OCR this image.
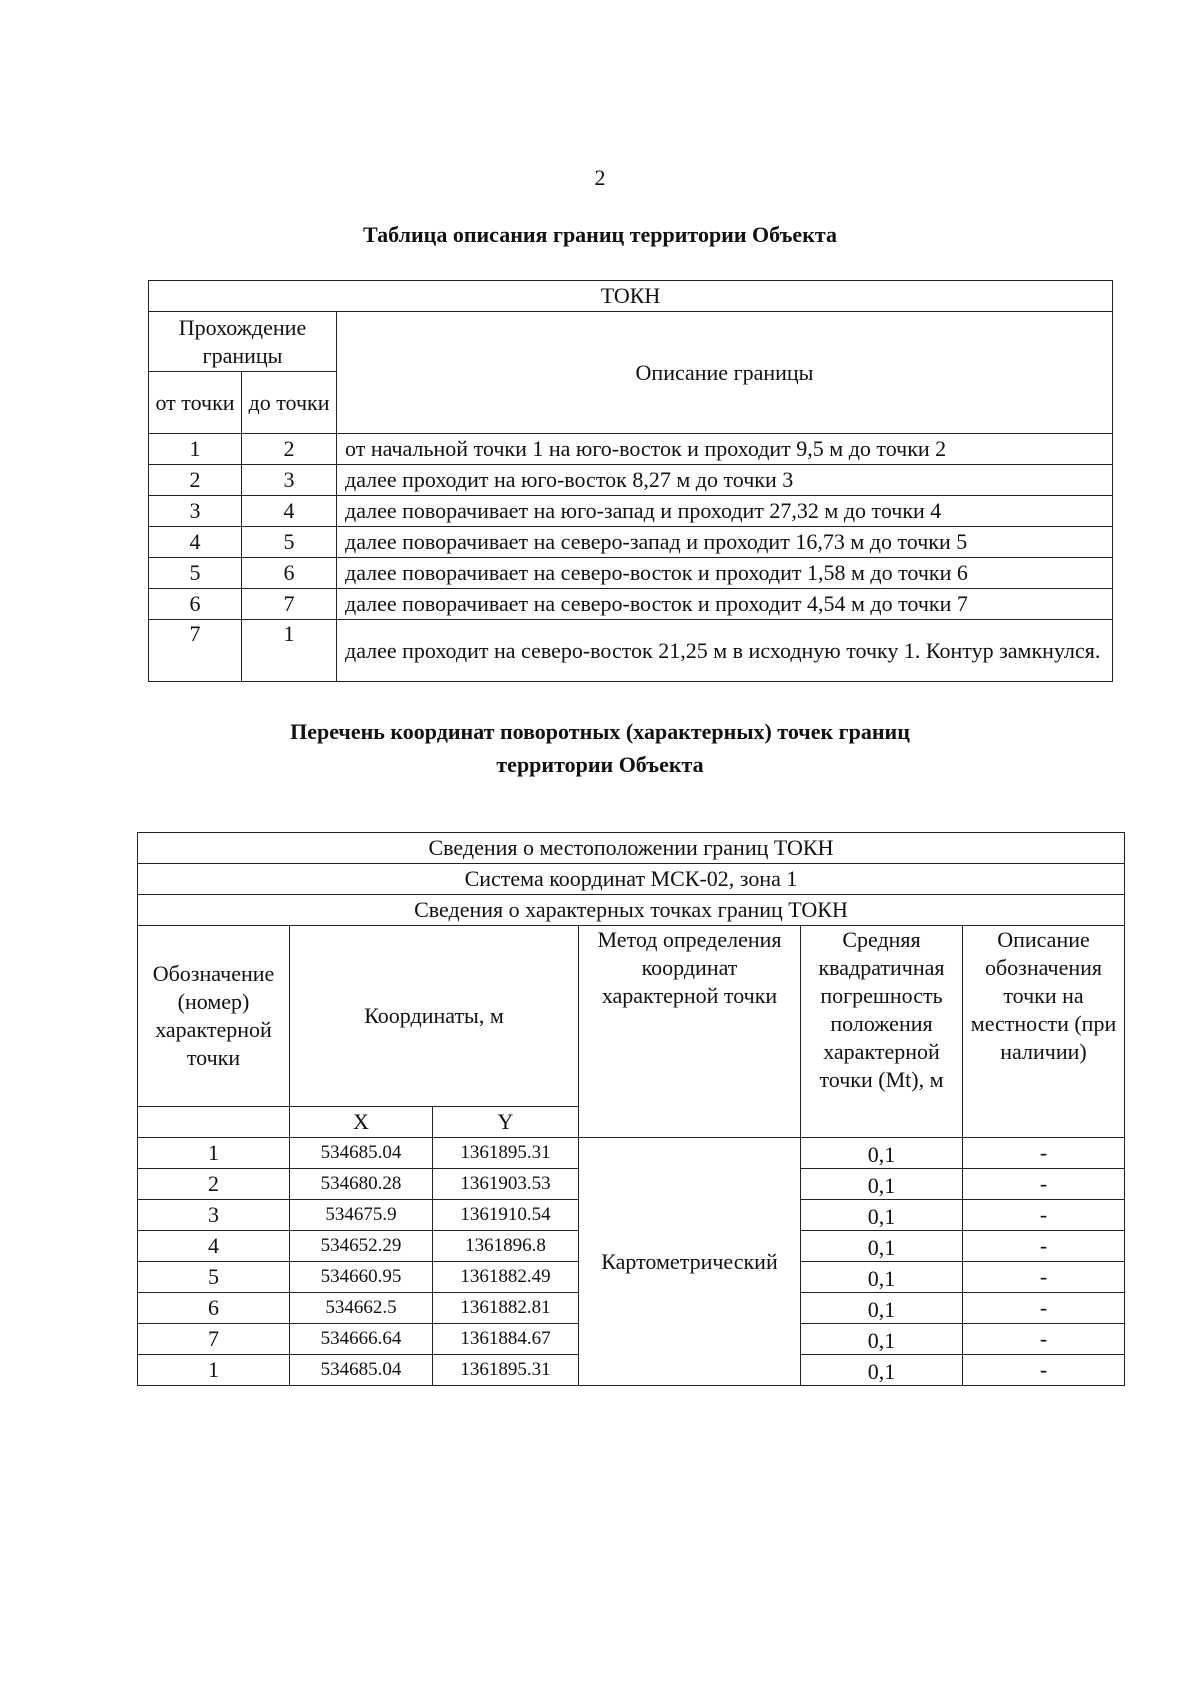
2
Таблица описания границ территории Объекта
ТОКН		
Прохождение границы		Описание границы
от точки	до точки	
1	2	от начальной точки 1 на юго-восток и проходит 9,5 м до точки 2
2	3	далее проходит на юго-восток 8,27 м до точки 3
3	4	далее поворачивает на юго-запад и проходит 27,32 м до точки 4
4	5	далее поворачивает на северо-запад и проходит 16,73 м до точки 5
5	6	далее поворачивает на северо-восток и проходит 1,58 м до точки 6
6	7	далее поворачивает на северо-восток и проходит 4,54 м до точки 7
7	1	далее проходит на северо-восток 21,25 м в исходную точку 1. Контур замкнулся.
Перечень координат поворотных (характерных) точек границ
территории Объекта
Сведения о местоположении границ ТОКН					
Система координат МСК-02, зона 1					
Сведения о характерных точках границ ТОКН					
Обозначение (номер) характерной точки	Координаты, м		Метод определения координат характерной точки	Средняя квадратичная погрешность положения характерной точки (Mt), м	Описание обозначения точки на местности (при наличии)
	X	Y			
1	534685.04	1361895.31	Картометрический	0,1	-
2	534680.28	1361903.53		0,1	-
3	534675.9	1361910.54		0,1	-
4	534652.29	1361896.8		0,1	-
5	534660.95	1361882.49		0,1	-
6	534662.5	1361882.81		0,1	-
7	534666.64	1361884.67		0,1	-
1	534685.04	1361895.31		0,1	-
